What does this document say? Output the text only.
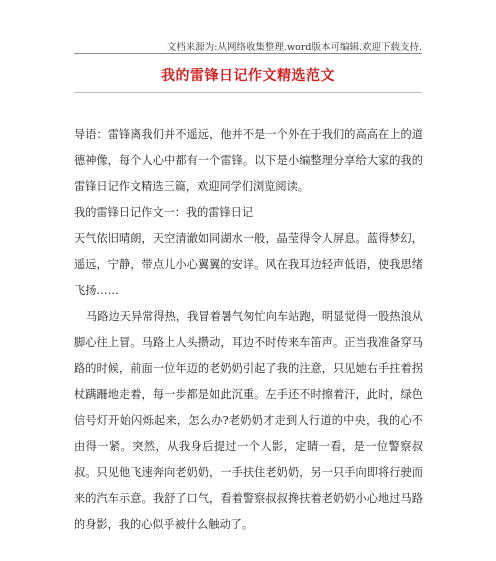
文档来源为:从网络收集整理.word版本可编辑.欢迎下载支持.
我的雷锋日记作文精选范文
导语：雷锋离我们并不遥远，他并不是一个外在于我们的高高在上的道德神像，每个人心中都有一个雷锋。以下是小编整理分享给大家的我的雷锋日记作文精选三篇，欢迎同学们浏览阅读。
我的雷锋日记作文一：我的雷锋日记
天气依旧晴朗，天空清澈如同湖水一般，晶莹得令人屏息。蓝得梦幻，遥远，宁静，带点儿小心翼翼的安详。风在我耳边轻声低语，使我思绪飞扬……
马路边天异常得热，我冒着暑气匆忙向车站跑，明显觉得一股热浪从脚心往上冒。马路上人头攒动，耳边不时传来车笛声。正当我准备穿马路的时候，前面一位年迈的老奶奶引起了我的注意，只见她右手拄着拐杖蹒跚地走着，每一步都是如此沉重。左手还不时擦着汗，此时，绿色信号灯开始闪烁起来，怎么办?老奶奶才走到人行道的中央，我的心不由得一紧。突然，从我身后提过一个人影，定睛一看，是一位警察叔叔。只见他飞速奔向老奶奶，一手扶住老奶奶，另一只手向即将行驶而来的汽车示意。我舒了口气，看着警察叔叔搀扶着老奶奶小心地过马路的身影，我的心似乎被什么触动了。
